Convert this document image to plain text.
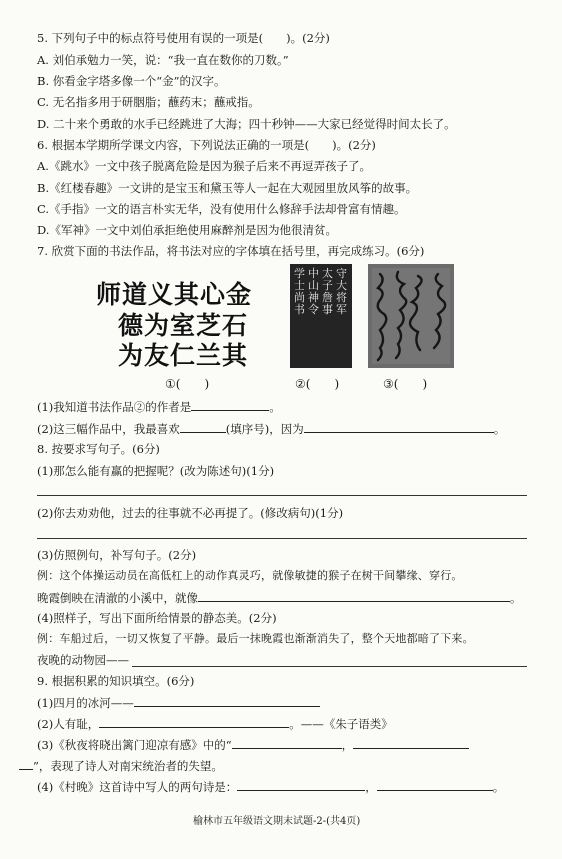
5. 下列句子中的标点符号使用有误的一项是(　　)。(2分)
A. 刘伯承勉力一笑，说：“我一直在数你的刀数。”
B. 你看金字塔多像一个“金”的汉字。
C. 无名指多用于研胭脂；蘸药末；蘸戒指。
D. 二十来个勇敢的水手已经跳进了大海；四十秒钟——大家已经觉得时间太长了。
6. 根据本学期所学课文内容，下列说法正确的一项是(　　)。(2分)
A.《跳水》一文中孩子脱离危险是因为猴子后来不再逗弄孩子了。
B.《红楼春趣》一文讲的是宝玉和黛玉等人一起在大观园里放风筝的故事。
C.《手指》一文的语言朴实无华，没有使用什么修辞手法却骨富有情趣。
D.《军神》一文中刘伯承拒绝使用麻醉剂是因为他很清贫。
7. 欣赏下面的书法作品，将书法对应的字体填在括号里，再完成练习。(6分)
师道义其心金
德为室芝石
为友仁兰其
学士尚书
中山神令
太子詹事
守大将军
①(　　)	②(　　)	③(　　)
(1)我知道书法作品②的作者是	。
(2)这三幅作品中，我最喜欢	(填序号)，因为	。
8. 按要求写句子。(6分)
(1)那怎么能有赢的把握呢？(改为陈述句)(1分)
(2)你去劝劝他，过去的往事就不必再提了。(修改病句)(1分)
(3)仿照例句，补写句子。(2分)
例：这个体操运动员在高低杠上的动作真灵巧，就像敏捷的猴子在树干间攀缘、穿行。
晚霞倒映在清澈的小溪中，就像	。
(4)照样子，写出下面所给情景的静态美。(2分)
例：车船过后，一切又恢复了平静。最后一抹晚霞也渐渐消失了，整个天地都暗了下来。
夜晚的动物园——
9. 根据积累的知识填空。(6分)
(1)四月的冰河——
(2)人有耻，	。——《朱子语类》
(3)《秋夜将晓出篱门迎凉有感》中的“	，
”，表现了诗人对南宋统治者的失望。
(4)《村晚》这首诗中写人的两句诗是：	，	。
榆林市五年级语文期末试题-2-(共4页)
